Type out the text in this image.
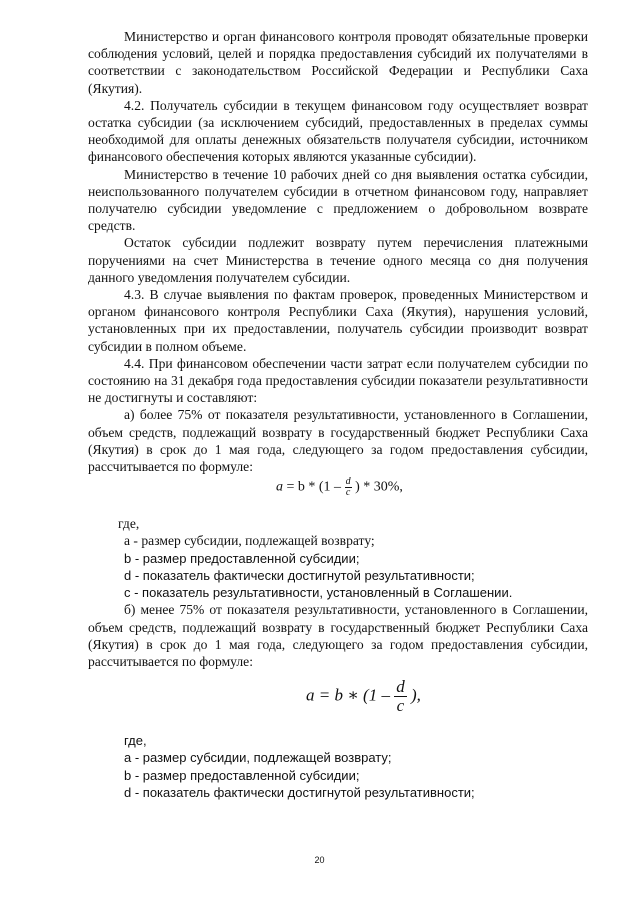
Министерство и орган финансового контроля проводят обязательные проверки соблюдения условий, целей и порядка предоставления субсидий их получателями в соответствии с законодательством Российской Федерации и Республики Саха (Якутия).

4.2. Получатель субсидии в текущем финансовом году осуществляет возврат остатка субсидии (за исключением субсидий, предоставленных в пределах суммы необходимой для оплаты денежных обязательств получателя субсидии, источником финансового обеспечения которых являются указанные субсидии).

Министерство в течение 10 рабочих дней со дня выявления остатка субсидии, неиспользованного получателем субсидии в отчетном финансовом году, направляет получателю субсидии уведомление с предложением о добровольном возврате средств.

Остаток субсидии подлежит возврату путем перечисления платежными поручениями на счет Министерства в течение одного месяца со дня получения данного уведомления получателем субсидии.

4.3. В случае выявления по фактам проверок, проведенных Министерством и органом финансового контроля Республики Саха (Якутия), нарушения условий, установленных при их предоставлении, получатель субсидии производит возврат субсидии в полном объеме.

4.4. При финансовом обеспечении части затрат если получателем субсидии по состоянию на 31 декабря года предоставления субсидии показатели результативности не достигнуты и составляют:

а) более 75% от показателя результативности, установленного в Соглашении, объем средств, подлежащий возврату в государственный бюджет Республики Саха (Якутия) в срок до 1 мая года, следующего за годом предоставления субсидии, рассчитывается по формуле:

$a = b * (1 - \frac{d}{c}$ ) * 30%,

где,

а - размер субсидии, подлежащей возврату;

b - размер предоставленной субсидии;

d - показатель фактически достигнутой результативности;

с - показатель результативности, установленный в Соглашении.

б) менее 75% от показателя результативности, установленного в Соглашении, объем средств, подлежащий возврату в государственный бюджет Республики Саха (Якутия) в срок до 1 мая года, следующего за годом предоставления субсидии, рассчитывается по формуле:

a = b ∗ ($1 - \frac{d}{c}$ ),

где,

а - размер субсидии, подлежащей возврату;

b - размер предоставленной субсидии;

d - показатель фактически достигнутой результативности;

20
